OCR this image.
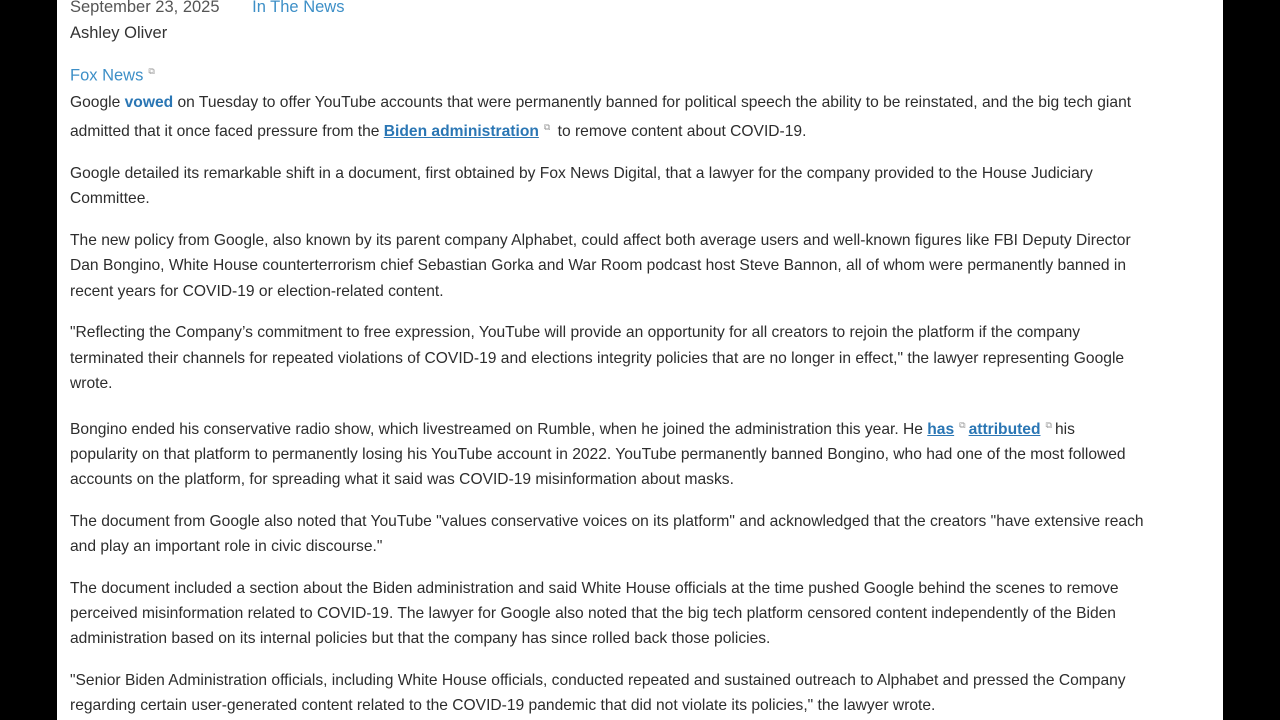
September 23, 2025 In The News
Ashley Oliver
Fox News ⧉

Google vowed on Tuesday to offer YouTube accounts that were permanently banned for political speech the ability to be reinstated, and the big tech giant
admitted that it once faced pressure from the Biden administration ⧉ to remove content about COVID-19.

Google detailed its remarkable shift in a document, first obtained by Fox News Digital, that a lawyer for the company provided to the House Judiciary
Committee.

The new policy from Google, also known by its parent company Alphabet, could affect both average users and well-known figures like FBI Deputy Director
Dan Bongino, White House counterterrorism chief Sebastian Gorka and War Room podcast host Steve Bannon, all of whom were permanently banned in
recent years for COVID-19 or election-related content.

"Reflecting the Company’s commitment to free expression, YouTube will provide an opportunity for all creators to rejoin the platform if the company
terminated their channels for repeated violations of COVID-19 and elections integrity policies that are no longer in effect," the lawyer representing Google
wrote.

Bongino ended his conservative radio show, which livestreamed on Rumble, when he joined the administration this year. He has ⧉ attributed ⧉ his
popularity on that platform to permanently losing his YouTube account in 2022. YouTube permanently banned Bongino, who had one of the most followed
accounts on the platform, for spreading what it said was COVID-19 misinformation about masks.

The document from Google also noted that YouTube "values conservative voices on its platform" and acknowledged that the creators "have extensive reach
and play an important role in civic discourse."

The document included a section about the Biden administration and said White House officials at the time pushed Google behind the scenes to remove
perceived misinformation related to COVID-19. The lawyer for Google also noted that the big tech platform censored content independently of the Biden
administration based on its internal policies but that the company has since rolled back those policies.

"Senior Biden Administration officials, including White House officials, conducted repeated and sustained outreach to Alphabet and pressed the Company
regarding certain user-generated content related to the COVID-19 pandemic that did not violate its policies," the lawyer wrote.
